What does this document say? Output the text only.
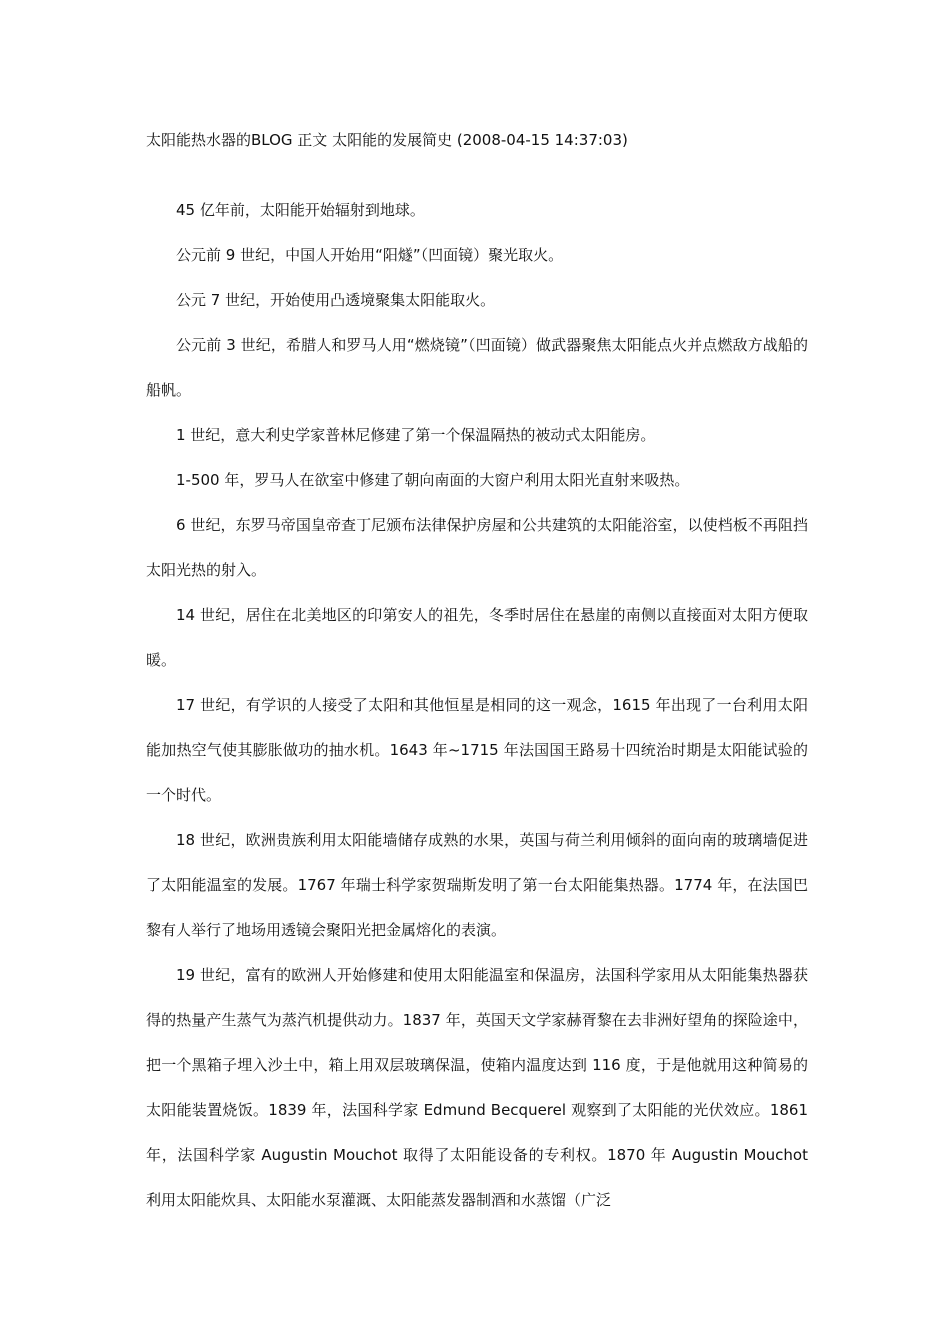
太阳能热水器的BLOG 正文 太阳能的发展简史 (2008-04-15 14:37:03)

45 亿年前，太阳能开始辐射到地球。

公元前 9 世纪，中国人开始用“阳燧”（凹面镜）聚光取火。

公元 7 世纪，开始使用凸透境聚集太阳能取火。

公元前 3 世纪，希腊人和罗马人用“燃烧镜”（凹面镜）做武器聚焦太阳能点火并点燃敌方战船的船帆。

1 世纪，意大利史学家普林尼修建了第一个保温隔热的被动式太阳能房。

1-500 年，罗马人在欲室中修建了朝向南面的大窗户利用太阳光直射来吸热。

6 世纪，东罗马帝国皇帝查丁尼颁布法律保护房屋和公共建筑的太阳能浴室，以使档板不再阻挡太阳光热的射入。

14 世纪，居住在北美地区的印第安人的祖先，冬季时居住在悬崖的南侧以直接面对太阳方便取暖。

17 世纪，有学识的人接受了太阳和其他恒星是相同的这一观念，1615 年出现了一台利用太阳能加热空气使其膨胀做功的抽水机。1643 年~1715 年法国国王路易十四统治时期是太阳能试验的一个时代。

18 世纪，欧洲贵族利用太阳能墙储存成熟的水果，英国与荷兰利用倾斜的面向南的玻璃墙促进了太阳能温室的发展。1767 年瑞士科学家贺瑞斯发明了第一台太阳能集热器。1774 年，在法国巴黎有人举行了地场用透镜会聚阳光把金属熔化的表演。

19 世纪，富有的欧洲人开始修建和使用太阳能温室和保温房，法国科学家用从太阳能集热器获得的热量产生蒸气为蒸汽机提供动力。1837 年，英国天文学家赫胥黎在去非洲好望角的探险途中，把一个黑箱子埋入沙土中，箱上用双层玻璃保温，使箱内温度达到 116 度，于是他就用这种简易的太阳能装置烧饭。1839 年，法国科学家 Edmund Becquerel 观察到了太阳能的光伏效应。1861 年，法国科学家 Augustin Mouchot 取得了太阳能设备的专利权。1870 年 Augustin Mouchot 利用太阳能炊具、太阳能水泵灌溉、太阳能蒸发器制酒和水蒸馏（广泛
